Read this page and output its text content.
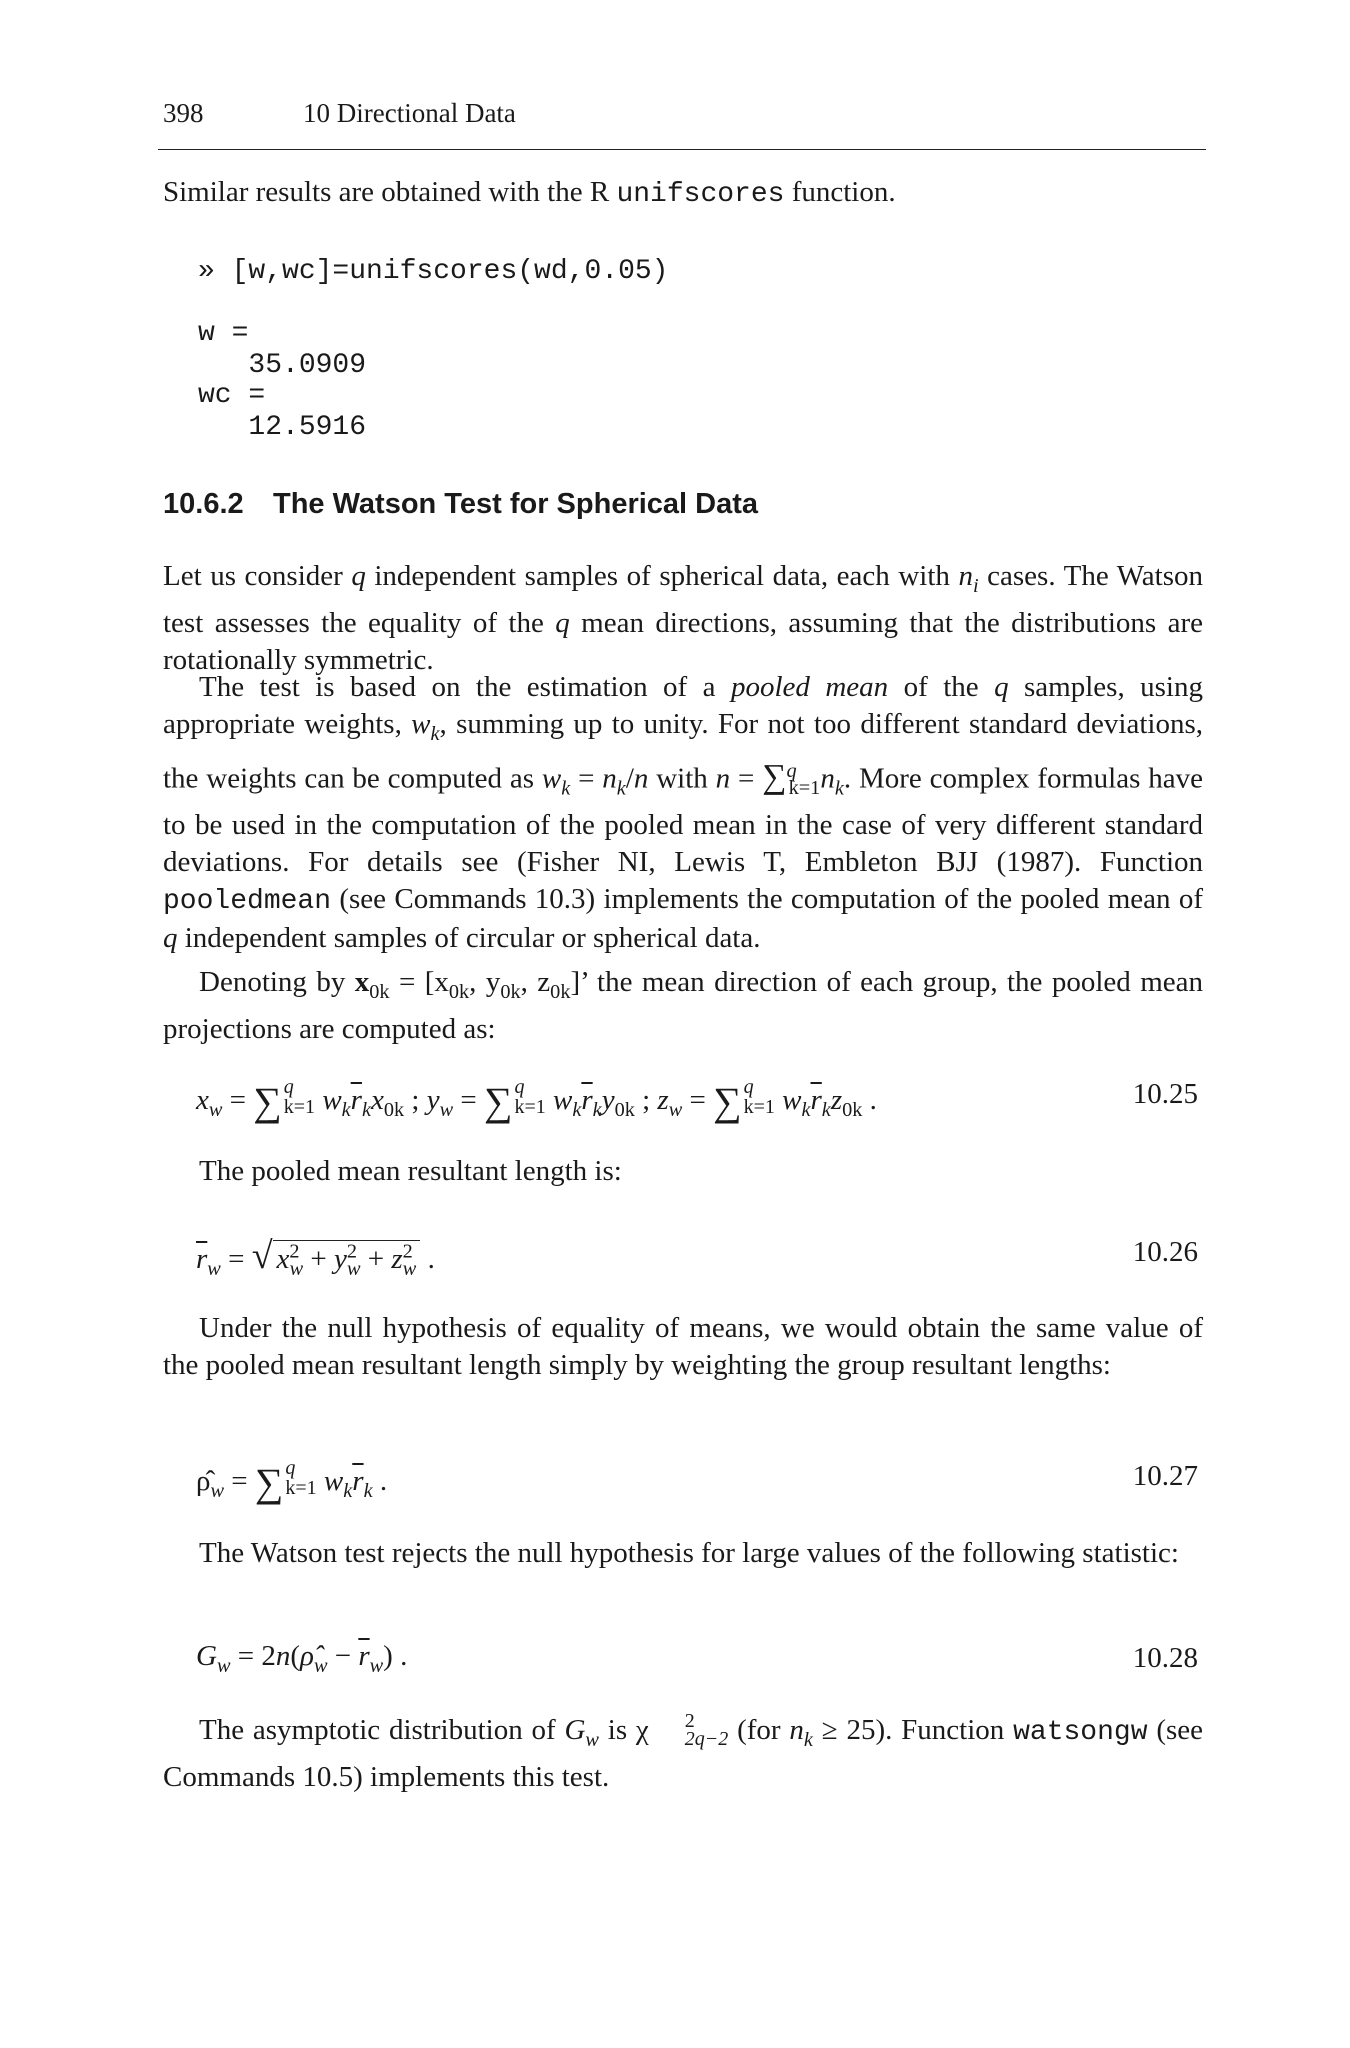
398	10 Directional Data

Similar results are obtained with the R unifscores function.

» [w,wc]=unifscores(wd,0.05)
w =
35.0909
wc =
12.5916
10.6.2 The Watson Test for Spherical Data

Let us consider q independent samples of spherical data, each with $n_i$ cases. The Watson test assesses the equality of the q mean directions, assuming that the distributions are rotationally symmetric.

The test is based on the estimation of a pooled mean of the q samples, using appropriate weights, $w_k$, summing up to unity. For not too different standard deviations, the weights can be computed as $w_k = n_k/n$ with $n = \sum^q_{k=1}n_k$. More complex formulas have to be used in the computation of the pooled mean in the case of very different standard deviations. For details see (Fisher NI, Lewis T, Embleton BJJ (1987). Function pooledmean (see Commands 10.3) implements the computation of the pooled mean of q independent samples of circular or spherical data.

Denoting by $x_{0k} = [x_{0k}$, $y_{0k}$, $z_{0k}$]’ the mean direction of each group, the pooled mean projections are computed as:

$x_w$ = ∑ q
k=1 $w_k\overline{r}_kx_{0k}$ ; $y_w$ = ∑ q
k=1 $w_k\overline{r}_ky_{0k}$ ; $z_w$ = ∑ q
k=1 $w_k\overline{r}_kz_{0k}$ .	10.25

The pooled mean resultant length is:

$\overline{r}_w$ = √ $x^2_w + y^2_w + z^2_w$ .	10.26

Under the null hypothesis of equality of means, we would obtain the same value of the pooled mean resultant length simply by weighting the group resultant lengths:

$\rhô_w$ = ∑ q
k=1 $w_k\overline{r}_k$ .	10.27

The Watson test rejects the null hypothesis for large values of the following statistic:

$G_w$ = $2n(\rhô_w - \overline{r}_w)$ .	10.28

The asymptotic distribution of $G_w$ is χ	2
2q−2 (for $n_k \ge 25$). Function watsongw (see Commands 10.5) implements this test.
